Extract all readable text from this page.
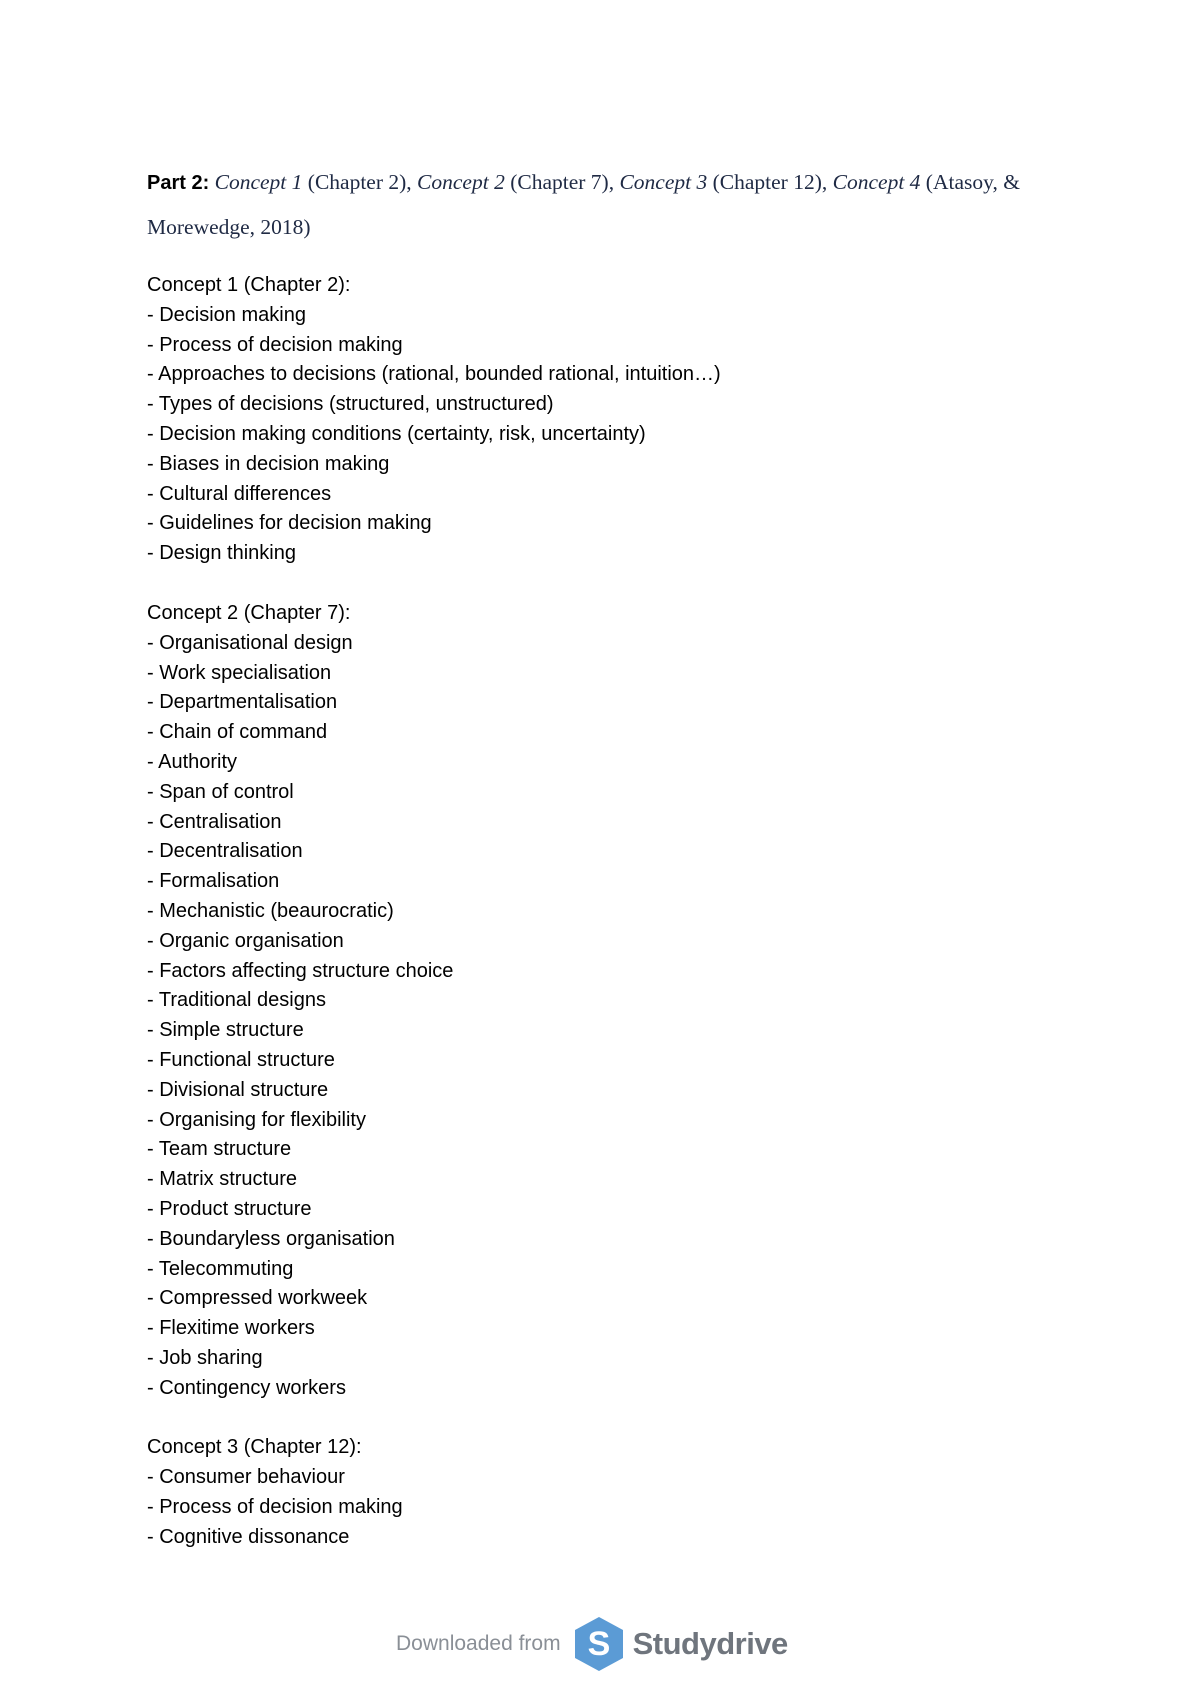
Part 2: Concept 1 (Chapter 2), Concept 2 (Chapter 7), Concept 3 (Chapter 12), Concept 4 (Atasoy, & Morewedge, 2018)
Concept 1 (Chapter 2):
- Decision making
- Process of decision making
- Approaches to decisions (rational, bounded rational, intuition…)
- Types of decisions (structured, unstructured)
- Decision making conditions (certainty, risk, uncertainty)
- Biases in decision making
- Cultural differences
- Guidelines for decision making
- Design thinking
Concept 2 (Chapter 7):
- Organisational design
- Work specialisation
- Departmentalisation
- Chain of command
- Authority
- Span of control
- Centralisation
- Decentralisation
- Formalisation
- Mechanistic (beaurocratic)
- Organic organisation
- Factors affecting structure choice
- Traditional designs
- Simple structure
- Functional structure
- Divisional structure
- Organising for flexibility
- Team structure
- Matrix structure
- Product structure
- Boundaryless organisation
- Telecommuting
- Compressed workweek
- Flexitime workers
- Job sharing
- Contingency workers
Concept 3 (Chapter 12):
- Consumer behaviour
- Process of decision making
- Cognitive dissonance
Downloaded from S Studydrive
